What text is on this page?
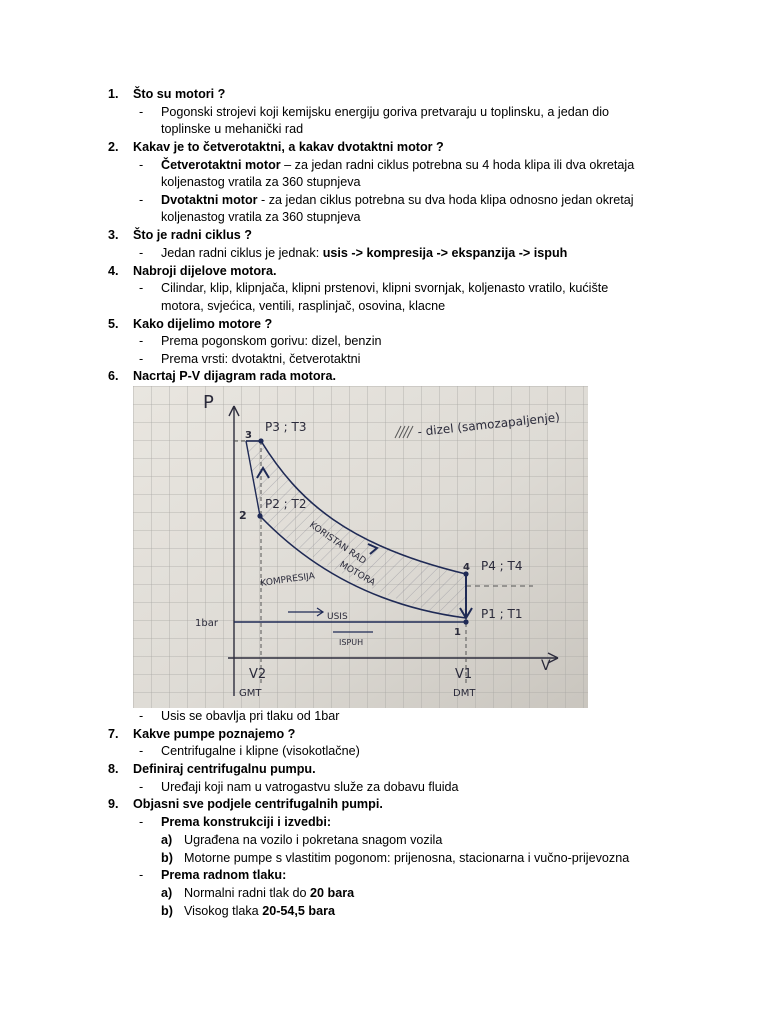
1.	Što su motori ?
- Pogonski strojevi koji kemijsku energiju goriva pretvaraju u toplinsku, a jedan dio
toplinske u mehanički rad
2.	Kakav je to četverotaktni, a kakav dvotaktni motor ?
- Četverotaktni motor – za jedan radni ciklus potrebna su 4 hoda klipa ili dva okretaja
koljenastog vratila za 360 stupnjeva
- Dvotaktni motor - za jedan ciklus potrebna su dva hoda klipa odnosno jedan okretaj
koljenastog vratila za 360 stupnjeva
3.	Što je radni ciklus ?
- Jedan radni ciklus je jednak: usis -> kompresija -> ekspanzija -> ispuh
4.	Nabroji dijelove motora.
- Cilindar, klip, klipnjača, klipni prstenovi, klipni svornjak, koljenasto vratilo, kućište
motora, svjećica, ventili, rasplinjač, osovina, klacne
5.	Kako dijelimo motore ?
- Prema pogonskom gorivu: dizel, benzin
- Prema vrsti: dvotaktni, četverotaktni
6.	Nacrtaj P-V dijagram rada motora.
P
V
3
P3 ; T3
2
P2 ; T2
4 P4 ; T4
1
P1 ; T1
- dizel (samozapaljenje)
KORISTAN RAD
MOTORA
KOMPRESIJA
USIS
ISPUH
1bar
V2
GMT
V1
DMT
- Usis se obavlja pri tlaku od 1bar
7.	Kakve pumpe poznajemo ?
- Centrifugalne i klipne (visokotlačne)
8.	Definiraj centrifugalnu pumpu.
- Uređaji koji nam u vatrogastvu služe za dobavu fluida
9.	Objasni sve podjele centrifugalnih pumpi.
- Prema konstrukciji i izvedbi:
a) Ugrađena na vozilo i pokretana snagom vozila
b) Motorne pumpe s vlastitim pogonom: prijenosna, stacionarna i vučno-prijevozna
- Prema radnom tlaku:
a) Normalni radni tlak do 20 bara
b) Visokog tlaka 20-54,5 bara
